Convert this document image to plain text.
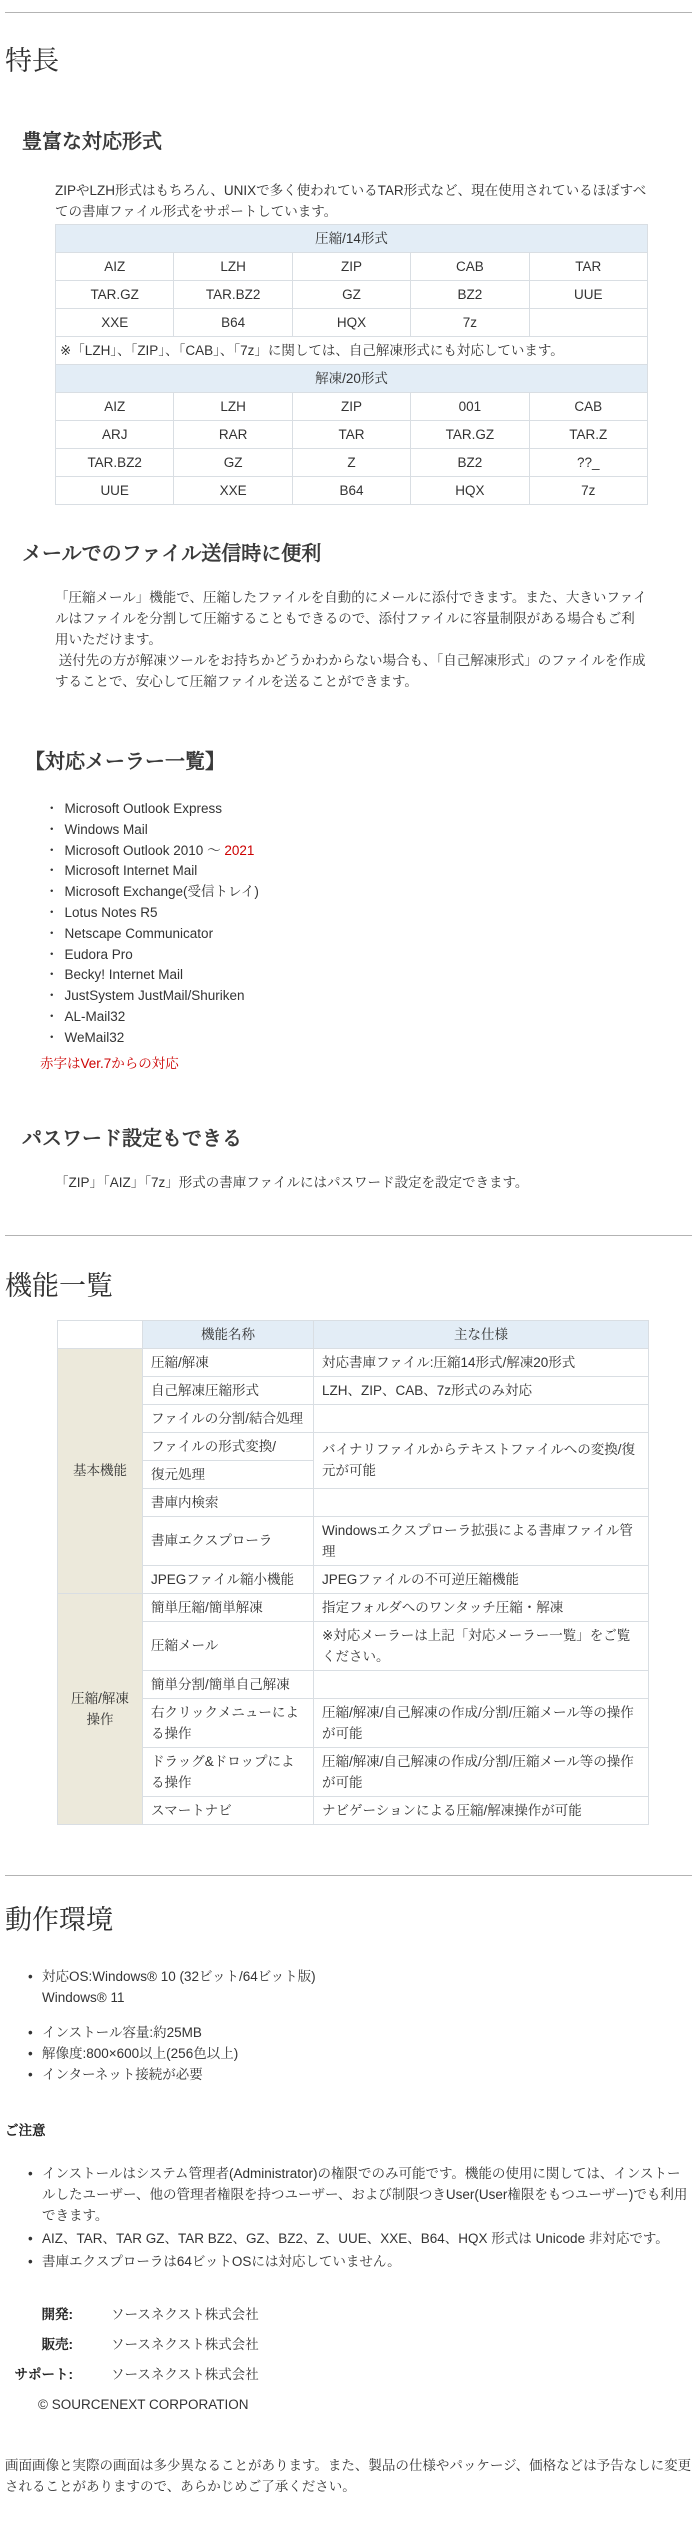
特長
豊富な対応形式

ZIPやLZH形式はもちろん、UNIXで多く使われているTAR形式など、現在使用されているほぼすべての書庫ファイル形式をサポートしています。

圧縮/14形式				
AIZ	LZH	ZIP	CAB	TAR
TAR.GZ	TAR.BZ2	GZ	BZ2	UUE
XXE	B64	HQX	7z	
※「LZH」、「ZIP」、「CAB」、「7z」に関しては、自己解凍形式にも対応しています。				
解凍/20形式				
AIZ	LZH	ZIP	001	CAB
ARJ	RAR	TAR	TAR.GZ	TAR.Z
TAR.BZ2	GZ	Z	BZ2	??_
UUE	XXE	B64	HQX	7z
メールでのファイル送信時に便利

「圧縮メール」機能で、圧縮したファイルを自動的にメールに添付できます。また、大きいファイルはファイルを分割して圧縮することもできるので、添付ファイルに容量制限がある場合もご利用いただけます。

送付先の方が解凍ツールをお持ちかどうかわからない場合も、「自己解凍形式」のファイルを作成することで、安心して圧縮ファイルを送ることができます。

【対応メーラー一覧】
・ Microsoft Outlook Express
・ Windows Mail
・ Microsoft Outlook 2010 ～ 2021
・ Microsoft Internet Mail
・ Microsoft Exchange(受信トレイ)
・ Lotus Notes R5
・ Netscape Communicator
・ Eudora Pro
・ Becky! Internet Mail
・ JustSystem JustMail/Shuriken
・ AL-Mail32
・ WeMail32
赤字はVer.7からの対応
パスワード設定もできる

「ZIP」「AIZ」「7z」形式の書庫ファイルにはパスワード設定を設定できます。

機能一覧
	機能名称	主な仕様
基本機能	圧縮/解凍	対応書庫ファイル:圧縮14形式/解凍20形式
	自己解凍圧縮形式	LZH、ZIP、CAB、7z形式のみ対応
	ファイルの分割/結合処理	
	ファイルの形式変換/	バイナリファイルからテキストファイルへの変換/復元が可能
	復元処理	
	書庫内検索	
	書庫エクスプローラ	Windowsエクスプローラ拡張による書庫ファイル管理
	JPEGファイル縮小機能	JPEGファイルの不可逆圧縮機能
圧縮/解凍操作	簡単圧縮/簡単解凍	指定フォルダへのワンタッチ圧縮・解凍
	圧縮メール	※対応メーラーは上記「対応メーラー一覧」をご覧ください。
	簡単分割/簡単自己解凍	
	右クリックメニューによる操作	圧縮/解凍/自己解凍の作成/分割/圧縮メール等の操作が可能
	ドラッグ&ドロップによる操作	圧縮/解凍/自己解凍の作成/分割/圧縮メール等の操作が可能
	スマートナビ	ナビゲーションによる圧縮/解凍操作が可能
動作環境
• 対応OS:Windows® 10 (32ビット/64ビット版)
Windows® 11
• インストール容量:約25MB
• 解像度:800×600以上(256色以上)
• インターネット接続が必要
ご注意
• インストールはシステム管理者(Administrator)の権限でのみ可能です。機能の使用に関しては、インストールしたユーザー、他の管理者権限を持つユーザー、および制限つきUser(User権限をもつユーザー)でも利用できます。
• AIZ、TAR、TAR GZ、TAR BZ2、GZ、BZ2、Z、UUE、XXE、B64、HQX 形式は Unicode 非対応です。
• 書庫エクスプローラは64ビットOSには対応していません。
開発:	ソースネクスト株式会社
販売:	ソースネクスト株式会社
サポート:	ソースネクスト株式会社
© SOURCENEXT CORPORATION

画面画像と実際の画面は多少異なることがあります。また、製品の仕様やパッケージ、価格などは予告なしに変更されることがありますので、あらかじめご了承ください。
